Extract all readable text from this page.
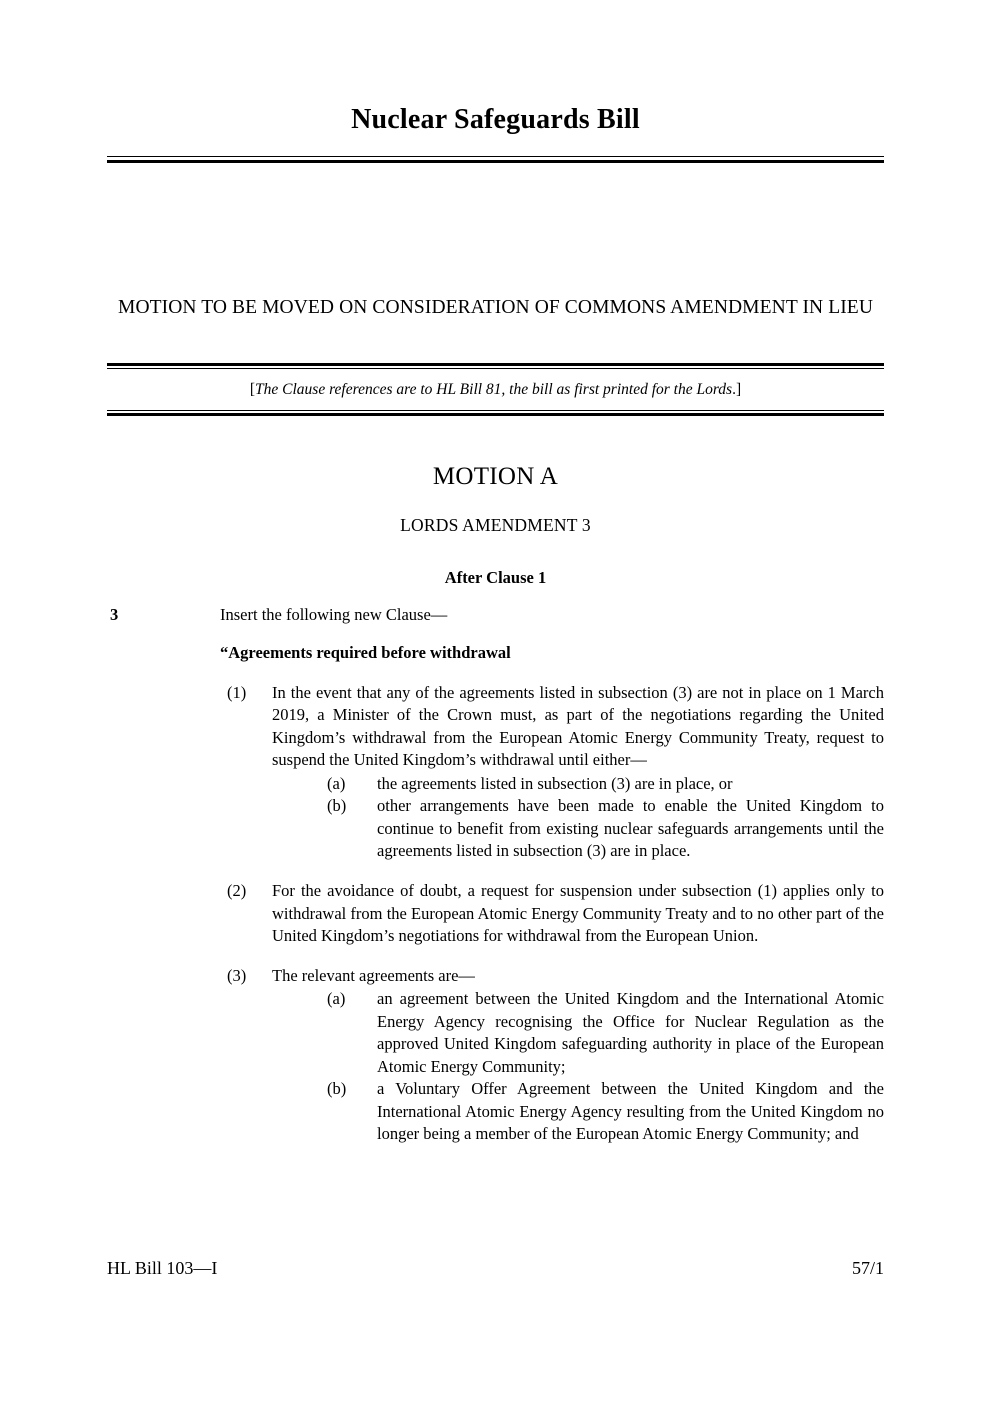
Nuclear Safeguards Bill
MOTION TO BE MOVED ON CONSIDERATION OF COMMONS AMENDMENT IN LIEU
[The Clause references are to HL Bill 81, the bill as first printed for the Lords.]
MOTION A
LORDS AMENDMENT 3
After Clause 1
3	Insert the following new Clause—

“Agreements required before withdrawal

(1)	In the event that any of the agreements listed in subsection (3) are not in place on 1 March 2019, a Minister of the Crown must, as part of the negotiations regarding the United Kingdom’s withdrawal from the European Atomic Energy Community Treaty, request to suspend the United Kingdom’s withdrawal until either—

(a)	the agreements listed in subsection (3) are in place, or
(b)	other arrangements have been made to enable the United Kingdom to continue to benefit from existing nuclear safeguards arrangements until the agreements listed in subsection (3) are in place.
(2)	For the avoidance of doubt, a request for suspension under subsection (1) applies only to withdrawal from the European Atomic Energy Community Treaty and to no other part of the United Kingdom’s negotiations for withdrawal from the European Union.

(3)	The relevant agreements are—

(a)	an agreement between the United Kingdom and the International Atomic Energy Agency recognising the Office for Nuclear Regulation as the approved United Kingdom safeguarding authority in place of the European Atomic Energy Community;
(b)	a Voluntary Offer Agreement between the United Kingdom and the International Atomic Energy Agency resulting from the United Kingdom no longer being a member of the European Atomic Energy Community; and
HL Bill 103—I	57/1
